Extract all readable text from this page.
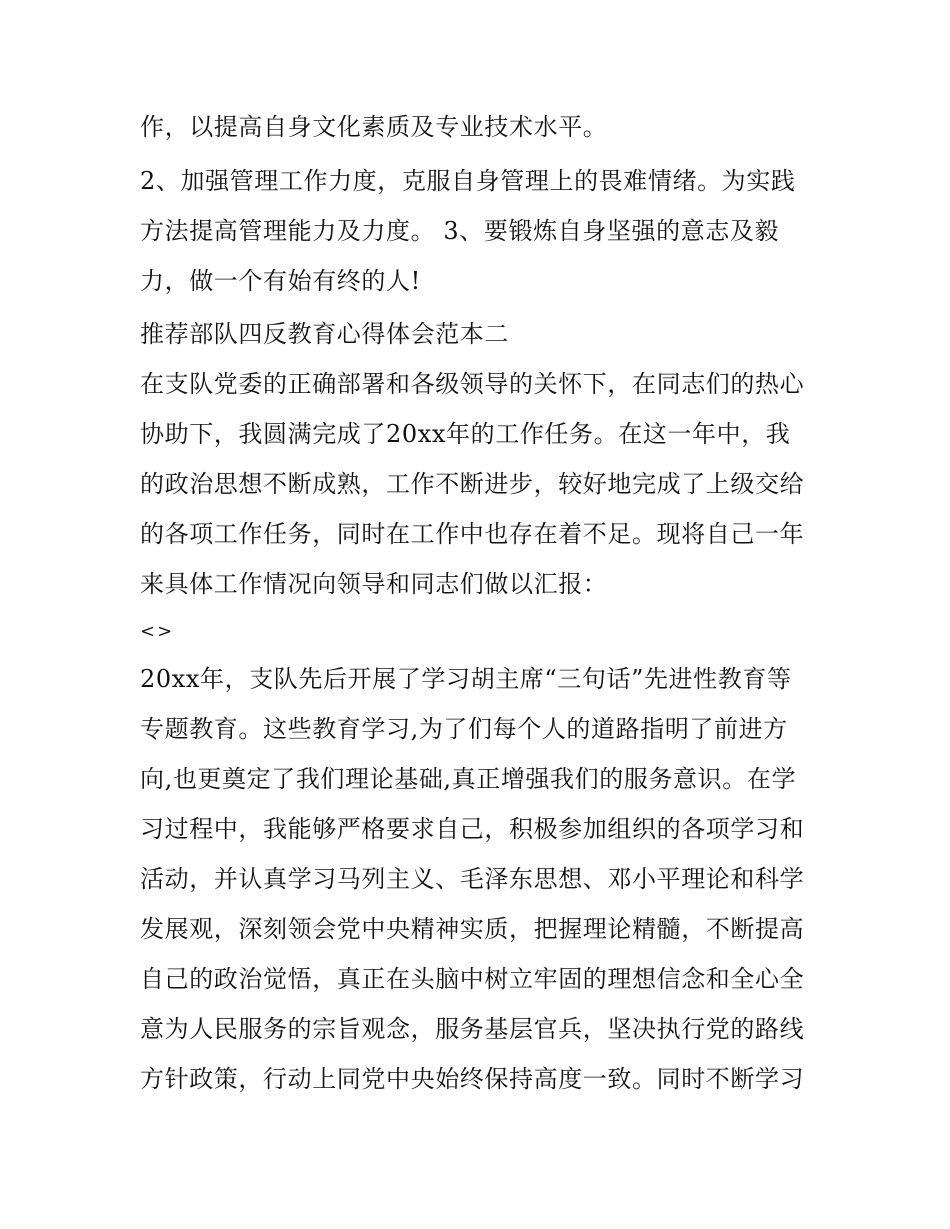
作，以提高自身文化素质及专业技术水平。
2、加强管理工作力度，克服自身管理上的畏难情绪。为实践
方法提高管理能力及力度。 3、要锻炼自身坚强的意志及毅
力，做一个有始有终的人!
推荐部队四反教育心得体会范本二
在支队党委的正确部署和各级领导的关怀下，在同志们的热心
协助下，我圆满完成了20xx年的工作任务。在这一年中，我
的政治思想不断成熟，工作不断进步，较好地完成了上级交给
的各项工作任务，同时在工作中也存在着不足。现将自己一年
来具体工作情况向领导和同志们做以汇报：
<>
20xx年，支队先后开展了学习胡主席“三句话”先进性教育等
专题教育。这些教育学习,为了们每个人的道路指明了前进方
向,也更奠定了我们理论基础,真正增强我们的服务意识。在学
习过程中，我能够严格要求自己，积极参加组织的各项学习和
活动，并认真学习马列主义、毛泽东思想、邓小平理论和科学
发展观，深刻领会党中央精神实质，把握理论精髓，不断提高
自己的政治觉悟，真正在头脑中树立牢固的理想信念和全心全
意为人民服务的宗旨观念，服务基层官兵，坚决执行党的路线
方针政策，行动上同党中央始终保持高度一致。同时不断学习
